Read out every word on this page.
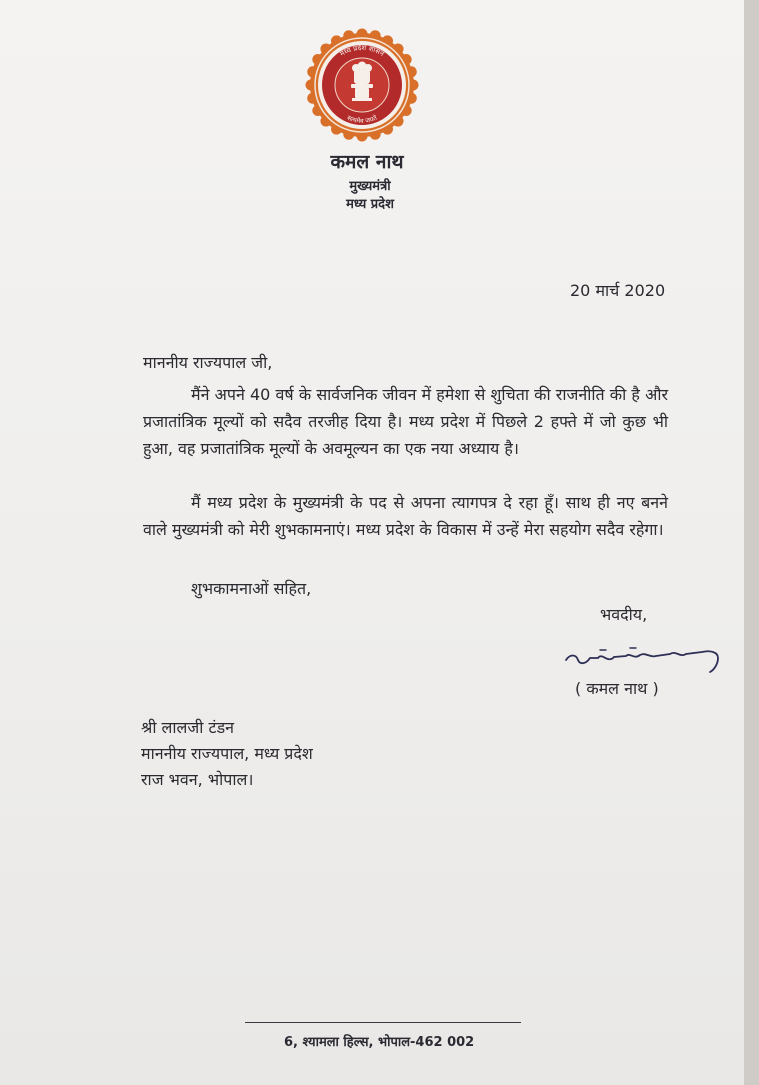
मध्य प्रदेश शासन
सत्यमेव जयते
कमल नाथ
मुख्यमंत्री
मध्य प्रदेश
20 मार्च 2020
माननीय राज्यपाल जी,
मैंने अपने 40 वर्ष के सार्वजनिक जीवन में हमेशा से शुचिता की राजनीति की है और प्रजातांत्रिक मूल्यों को सदैव तरजीह दिया है। मध्य प्रदेश में पिछले 2 हफ्ते में जो कुछ भी हुआ, वह प्रजातांत्रिक मूल्यों के अवमूल्यन का एक नया अध्याय है।
मैं मध्य प्रदेश के मुख्यमंत्री के पद से अपना त्यागपत्र दे रहा हूँ। साथ ही नए बनने वाले मुख्यमंत्री को मेरी शुभकामनाएं। मध्य प्रदेश के विकास में उन्हें मेरा सहयोग सदैव रहेगा।
शुभकामनाओं सहित,
भवदीय,
( कमल नाथ )
श्री लालजी टंडन
माननीय राज्यपाल, मध्य प्रदेश
राज भवन, भोपाल।
6, श्यामला हिल्स, भोपाल-462 002
